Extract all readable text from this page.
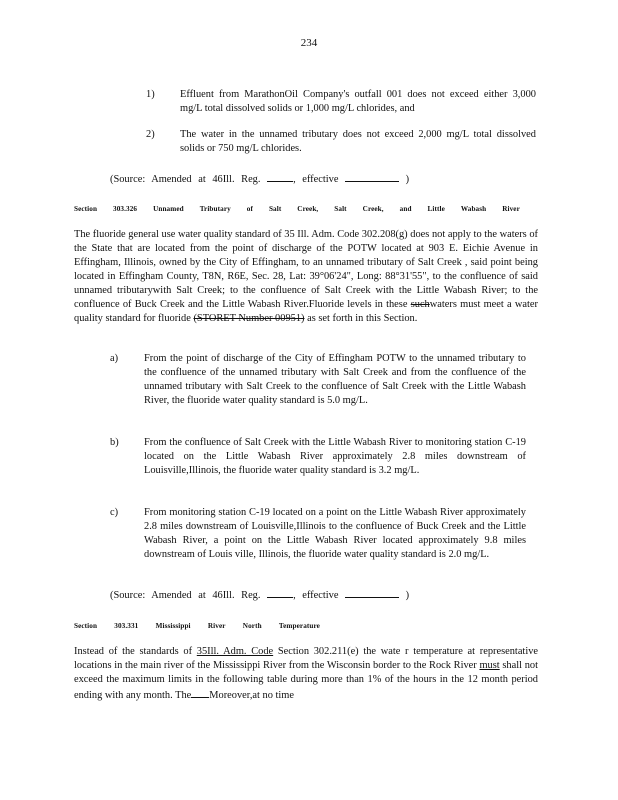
234
1) Effluent from MarathonOil Company's outfall 001 does not exceed either 3,000 mg/L total dissolved solids or 1,000 mg/L chlorides, and
2) The water in the unnamed tributary does not exceed 2,000 mg/L total dissolved solids or 750 mg/L chlorides.
(Source: Amended at 46Ill. Reg.	, effective	)
Section 303.326 Unnamed Tributary of Salt Creek, Salt Creek, and Little Wabash River
The fluoride general use water quality standard of 35 Ill. Adm. Code 302.208(g) does not apply to the waters of the State that are located from the point of discharge of the POTW located at 903 E. Eichie Avenue in Effingham, Illinois, owned by the City of Effingham, to an unnamed tributary of Salt Creek , said point being located in Effingham County, T8N, R6E, Sec. 28, Lat: 39°06'24", Long: 88°31'55", to the confluence of said unnamed tributarywith Salt Creek; to the confluence of Salt Creek with the Little Wabash River; to the confluence of Buck Creek and the Little Wabash River.Fluoride levels in these suchwaters must meet a water quality standard for fluoride (STORET Number 00951) as set forth in this Section.
a) From the point of discharge of the City of Effingham POTW to the unnamed tributary to the confluence of the unnamed tributary with Salt Creek and from the confluence of the unnamed tributary with Salt Creek to the confluence of Salt Creek with the Little Wabash River, the fluoride water quality standard is 5.0 mg/L.
b) From the confluence of Salt Creek with the Little Wabash River to monitoring station C-19 located on the Little Wabash River approximately 2.8 miles downstream of Louisville,Illinois, the fluoride water quality standard is 3.2 mg/L.
c) From monitoring station C-19 located on a point on the Little Wabash River approximately 2.8 miles downstream of Louisville,Illinois to the confluence of Buck Creek and the Little Wabash River, a point on the Little Wabash River located approximately 9.8 miles downstream of Louis ville, Illinois, the fluoride water quality standard is 2.0 mg/L.
(Source: Amended at 46Ill. Reg.	, effective	)
Section 303.331 Mississippi River North Temperature
Instead of the standards of 35Ill. Adm. Code Section 302.211(e) the wate r temperature at representative locations in the main river of the Mississippi River from the Wisconsin border to the Rock River must shall not exceed the maximum limits in the following table during more than 1% of the hours in the 12 month period ending with any month. The Moreover,at no time
